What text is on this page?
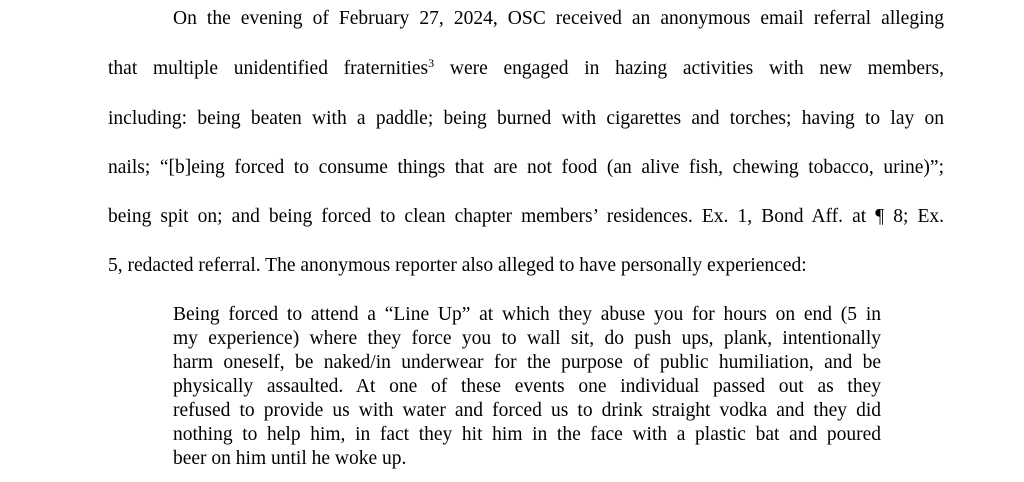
On the evening of February 27, 2024, OSC received an anonymous email referral alleging
that multiple unidentified fraternities$^3$ were engaged in hazing activities with new members,
including: being beaten with a paddle; being burned with cigarettes and torches; having to lay on
nails; “[b]eing forced to consume things that are not food (an alive fish, chewing tobacco, urine)”;
being spit on; and being forced to clean chapter members’ residences. Ex. 1, Bond Aff. at ¶ 8; Ex.
5, redacted referral. The anonymous reporter also alleged to have personally experienced:
Being forced to attend a “Line Up” at which they abuse you for hours on end (5 in
my experience) where they force you to wall sit, do push ups, plank, intentionally
harm oneself, be naked/in underwear for the purpose of public humiliation, and be
physically assaulted. At one of these events one individual passed out as they
refused to provide us with water and forced us to drink straight vodka and they did
nothing to help him, in fact they hit him in the face with a plastic bat and poured
beer on him until he woke up.
